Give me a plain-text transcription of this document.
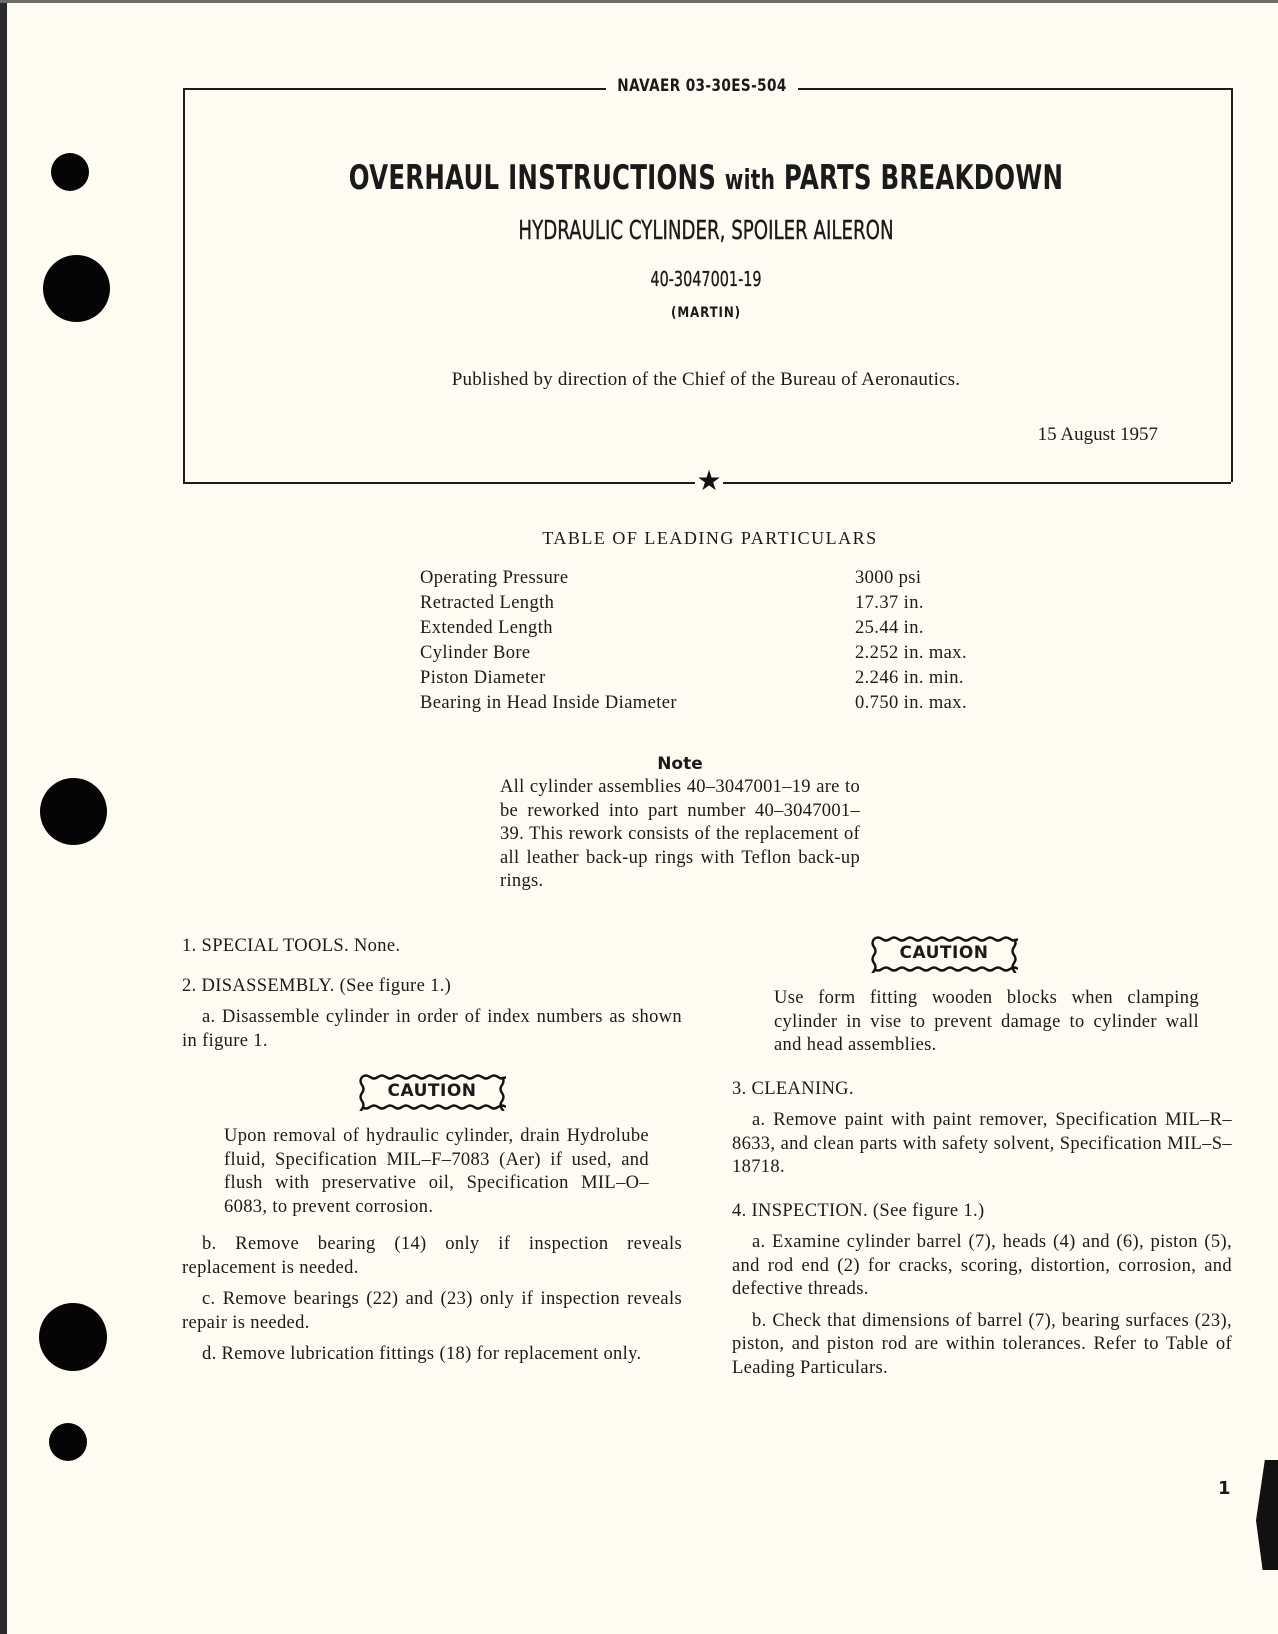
NAVAER 03-30ES-504
OVERHAUL INSTRUCTIONS with PARTS BREAKDOWN
HYDRAULIC CYLINDER, SPOILER AILERON
40-3047001-19
(MARTIN)
Published by direction of the Chief of the Bureau of Aeronautics.
15 August 1957
★
TABLE OF LEADING PARTICULARS
Operating Pressure	3000 psi
Retracted Length	17.37 in.
Extended Length	25.44 in.
Cylinder Bore	2.252 in. max.
Piston Diameter	2.246 in. min.
Bearing in Head Inside Diameter	0.750 in. max.
Note
All cylinder assemblies 40–3047001–19 are to be reworked into part number 40–3047001–39. This rework consists of the replacement of all leather back-up rings with Teflon back-up rings.

1. SPECIAL TOOLS. None.

2. DISASSEMBLY. (See figure 1.)

a. Disassemble cylinder in order of index numbers as shown in figure 1.

CAUTION

Upon removal of hydraulic cylinder, drain Hydrolube fluid, Specification MIL–F–7083 (Aer) if used, and flush with preservative oil, Specification MIL–O–6083, to prevent corrosion.

b. Remove bearing (14) only if inspection reveals replacement is needed.

c. Remove bearings (22) and (23) only if inspection reveals repair is needed.

d. Remove lubrication fittings (18) for replacement only.

CAUTION

Use form fitting wooden blocks when clamping cylinder in vise to prevent damage to cylinder wall and head assemblies.

3. CLEANING.

a. Remove paint with paint remover, Specification MIL–R–8633, and clean parts with safety solvent, Specification MIL–S–18718.

4. INSPECTION. (See figure 1.)

a. Examine cylinder barrel (7), heads (4) and (6), piston (5), and rod end (2) for cracks, scoring, distortion, corrosion, and defective threads.

b. Check that dimensions of barrel (7), bearing surfaces (23), piston, and piston rod are within tolerances. Refer to Table of Leading Particulars.

1
